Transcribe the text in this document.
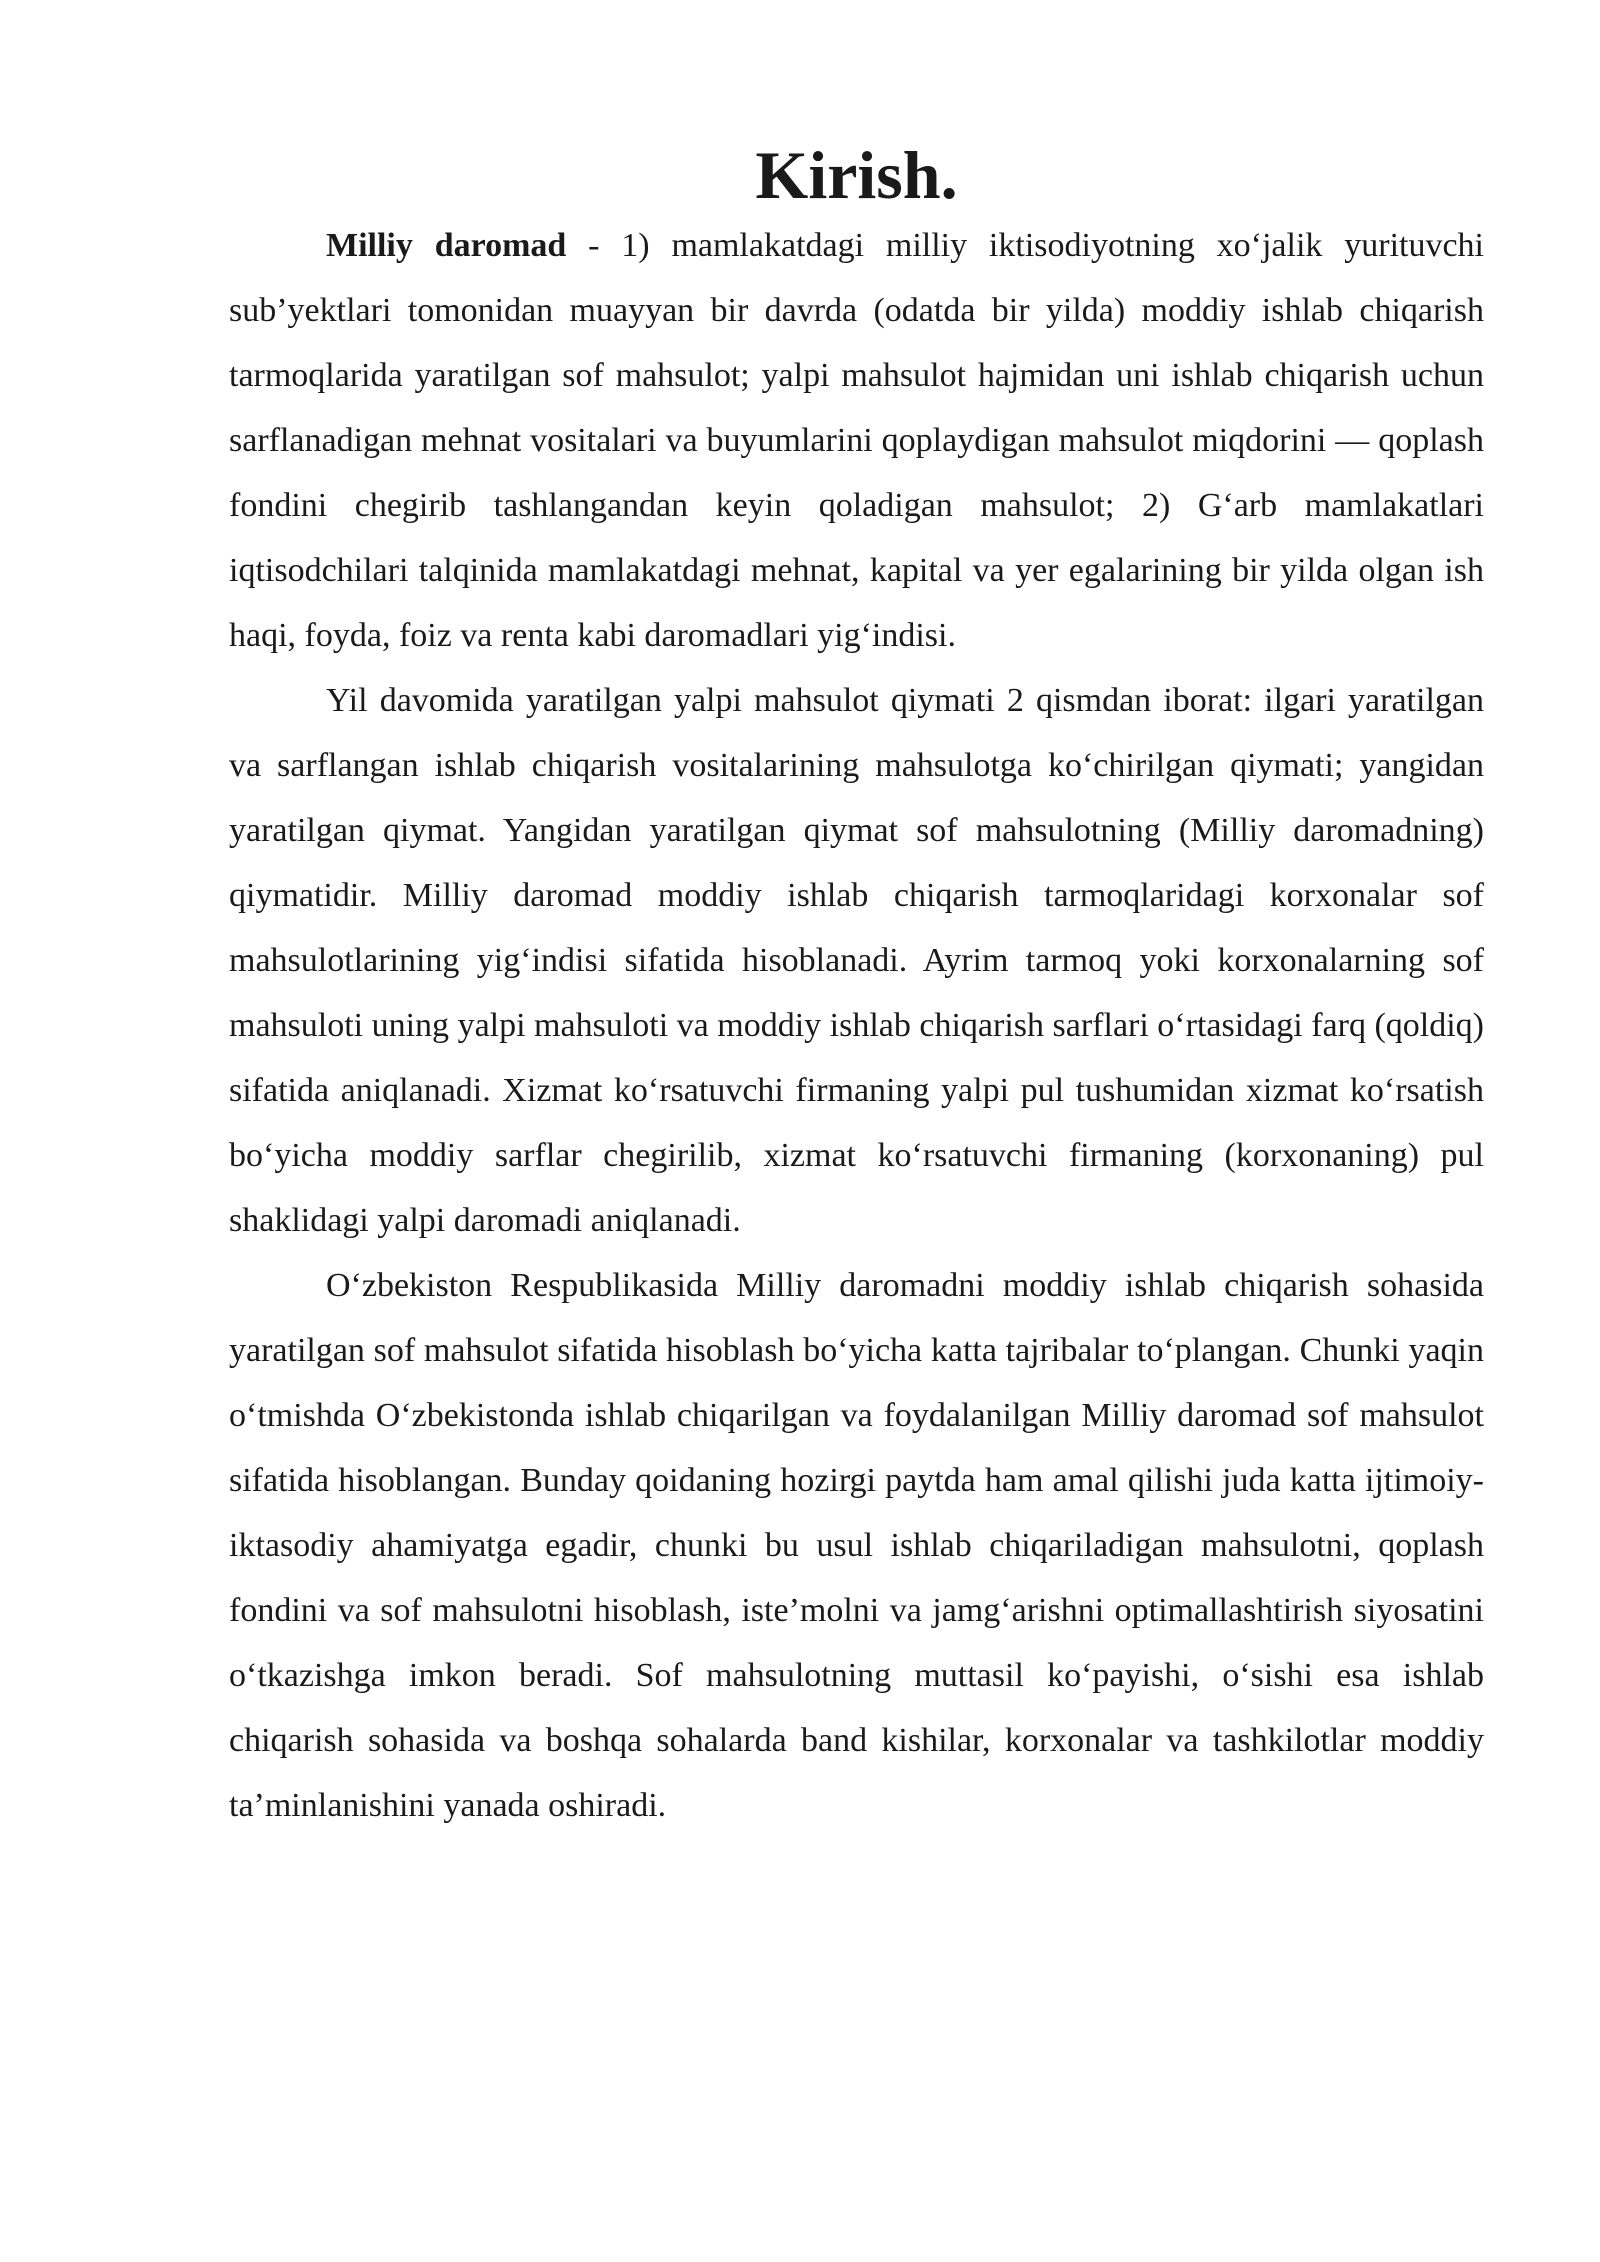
Kirish.

Milliy daromad - 1) mamlakatdagi milliy iktisodiyotning xo‘jalik yurituvchi sub’yektlari tomonidan muayyan bir davrda (odatda bir yilda) moddiy ishlab chiqarish tarmoqlarida yaratilgan sof mahsulot; yalpi mahsulot hajmidan uni ishlab chiqarish uchun sarflanadigan mehnat vositalari va buyumlarini qoplaydigan mahsulot miqdorini — qoplash fondini chegirib tashlangandan keyin qoladigan mahsulot; 2) G‘arb mamlakatlari iqtisodchilari talqinida mamlakatdagi mehnat, kapital va yer egalarining bir yilda olgan ish haqi, foyda, foiz va renta kabi daromadlari yig‘indisi.

Yil davomida yaratilgan yalpi mahsulot qiymati 2 qismdan iborat: ilgari yaratilgan va sarflangan ishlab chiqarish vositalarining mahsulotga ko‘chirilgan qiymati; yangidan yaratilgan qiymat. Yangidan yaratilgan qiymat sof mahsulotning (Milliy daromadning) qiymatidir. Milliy daromad moddiy ishlab chiqarish tarmoqlaridagi korxonalar sof mahsulotlarining yig‘indisi sifatida hisoblanadi. Ayrim tarmoq yoki korxonalarning sof mahsuloti uning yalpi mahsuloti va moddiy ishlab chiqarish sarflari o‘rtasidagi farq (qoldiq) sifatida aniqlanadi. Xizmat ko‘rsatuvchi firmaning yalpi pul tushumidan xizmat ko‘rsatish bo‘yicha moddiy sarflar chegirilib, xizmat ko‘rsatuvchi firmaning (korxonaning) pul shaklidagi yalpi daromadi aniqlanadi.

O‘zbekiston Respublikasida Milliy daromadni moddiy ishlab chiqarish sohasida yaratilgan sof mahsulot sifatida hisoblash bo‘yicha katta tajribalar to‘plangan. Chunki yaqin o‘tmishda O‘zbekistonda ishlab chiqarilgan va foydalanilgan Milliy daromad sof mahsulot sifatida hisoblangan. Bunday qoidaning hozirgi paytda ham amal qilishi juda katta ijtimoiy-iktasodiy ahamiyatga egadir, chunki bu usul ishlab chiqariladigan mahsulotni, qoplash fondini va sof mahsulotni hisoblash, iste’molni va jamg‘arishni optimallashtirish siyosatini o‘tkazishga imkon beradi. Sof mahsulotning muttasil ko‘payishi, o‘sishi esa ishlab chiqarish sohasida va boshqa sohalarda band kishilar, korxonalar va tashkilotlar moddiy ta’minlanishini yanada oshiradi.
